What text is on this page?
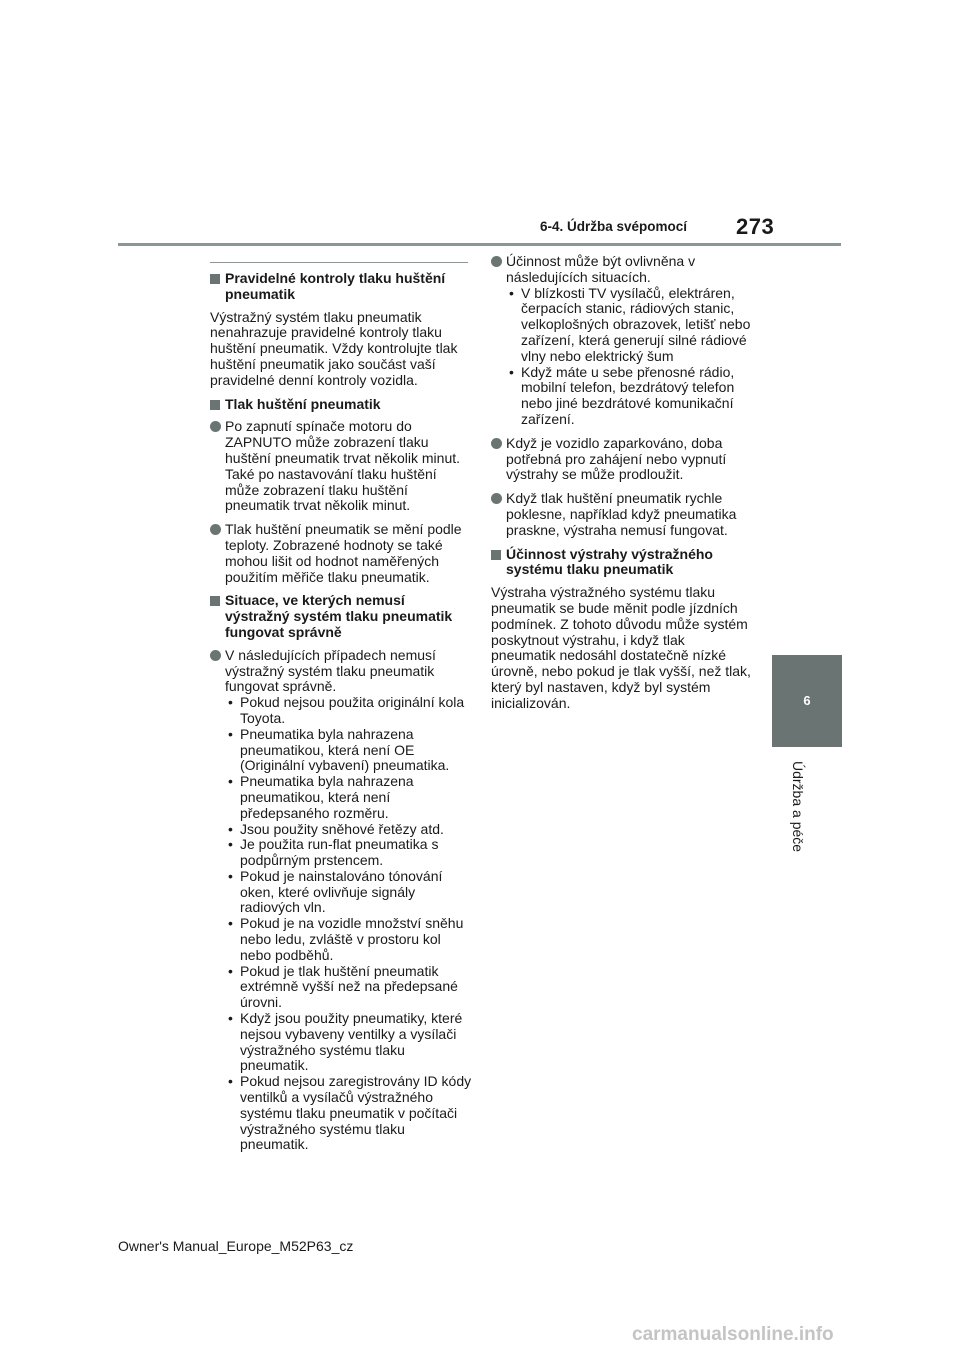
6-4. Údržba svépomocí 273
6
Údržba a péče
Pravidelné kontroly tlaku huštění pneumatik
Výstražný systém tlaku pneumatik nenahrazuje pravidelné kontroly tlaku huštění pneumatik. Vždy kontrolujte tlak huštění pneumatik jako součást vaší pravidelné denní kontroly vozidla.
Tlak huštění pneumatik
Po zapnutí spínače motoru do ZAPNUTO může zobrazení tlaku huštění pneumatik trvat několik minut. Také po nastavování tlaku huštění může zobrazení tlaku huštění pneumatik trvat několik minut.
Tlak huštění pneumatik se mění podle teploty. Zobrazené hodnoty se také mohou lišit od hodnot naměřených použitím měřiče tlaku pneumatik.
Situace, ve kterých nemusí výstražný systém tlaku pneumatik fungovat správně
V následujících případech nemusí výstražný systém tlaku pneumatik fungovat správně.
• Pokud nejsou použita originální kola Toyota.
• Pneumatika byla nahrazena pneumatikou, která není OE (Originální vybavení) pneumatika.
• Pneumatika byla nahrazena pneumatikou, která není předepsaného rozměru.
• Jsou použity sněhové řetězy atd.
• Je použita run-flat pneumatika s podpůrným prstencem.
• Pokud je nainstalováno tónování oken, které ovlivňuje signály radiových vln.
• Pokud je na vozidle množství sněhu nebo ledu, zvláště v prostoru kol nebo podběhů.
• Pokud je tlak huštění pneumatik extrémně vyšší než na předepsané úrovni.
• Když jsou použity pneumatiky, které nejsou vybaveny ventilky a vysílači výstražného systému tlaku pneumatik.
• Pokud nejsou zaregistrovány ID kódy ventilků a vysílačů výstražného systému tlaku pneumatik v počítači výstražného systému tlaku pneumatik.
Účinnost může být ovlivněna v následujících situacích.
• V blízkosti TV vysílačů, elektráren, čerpacích stanic, rádiových stanic, velkoplošných obrazovek, letišť nebo zařízení, která generují silné rádiové vlny nebo elektrický šum
• Když máte u sebe přenosné rádio, mobilní telefon, bezdrátový telefon nebo jiné bezdrátové komunikační zařízení.
Když je vozidlo zaparkováno, doba potřebná pro zahájení nebo vypnutí výstrahy se může prodloužit.
Když tlak huštění pneumatik rychle poklesne, například když pneumatika praskne, výstraha nemusí fungovat.
Účinnost výstrahy výstražného systému tlaku pneumatik
Výstraha výstražného systému tlaku pneumatik se bude měnit podle jízdních podmínek. Z tohoto důvodu může systém poskytnout výstrahu, i když tlak pneumatik nedosáhl dostatečně nízké úrovně, nebo pokud je tlak vyšší, než tlak, který byl nastaven, když byl systém inicializován.
Owner's Manual_Europe_M52P63_cz
carmanualsonline.info
